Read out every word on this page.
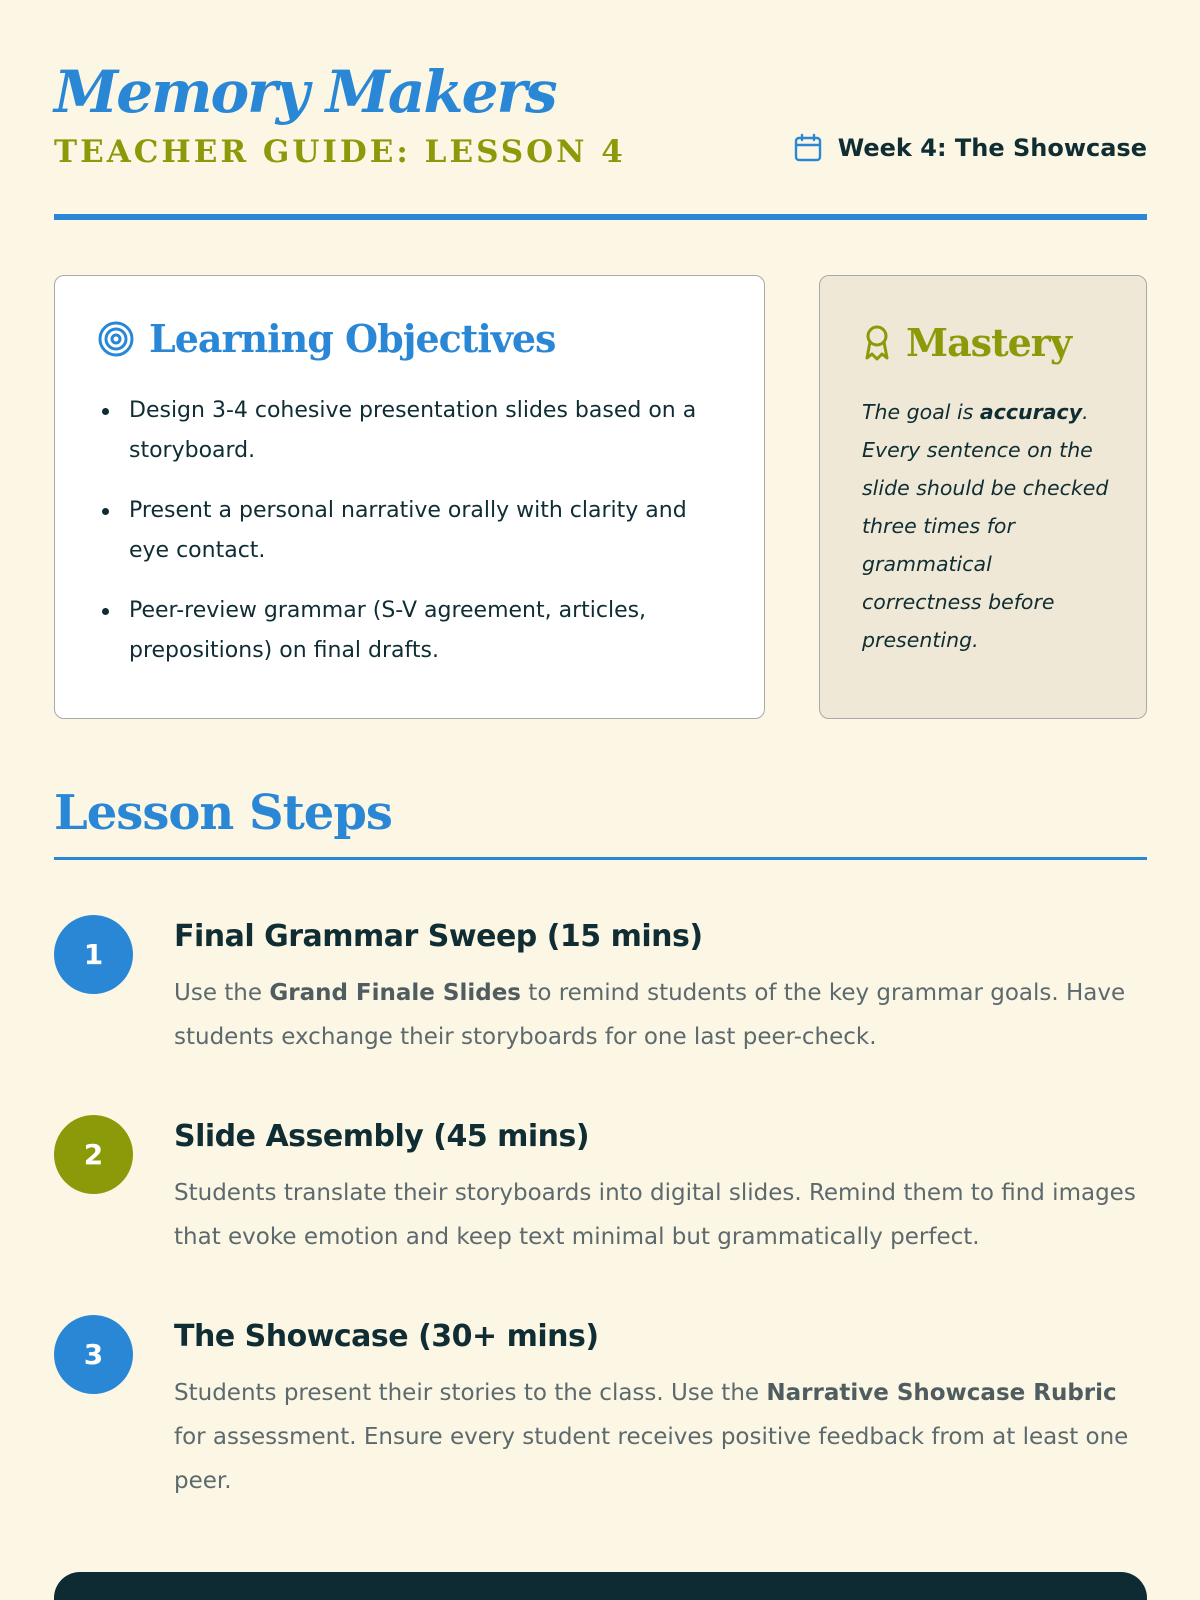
Memory Makers
TEACHER GUIDE: LESSON 4	Week 4: The Showcase
Learning Objectives
Design 3-4 cohesive presentation slides based on a storyboard.
Present a personal narrative orally with clarity and eye contact.
Peer-review grammar (S-V agreement, articles, prepositions) on final drafts.
Mastery

The goal is accuracy. Every sentence on the slide should be checked three times for grammatical correctness before presenting.

Lesson Steps
1
Final Grammar Sweep (15 mins)

Use the Grand Finale Slides to remind students of the key grammar goals. Have students exchange their storyboards for one last peer-check.

2
Slide Assembly (45 mins)

Students translate their storyboards into digital slides. Remind them to find images that evoke emotion and keep text minimal but grammatically perfect.

3
The Showcase (30+ mins)

Students present their stories to the class. Use the Narrative Showcase Rubric for assessment. Ensure every student receives positive feedback from at least one peer.
